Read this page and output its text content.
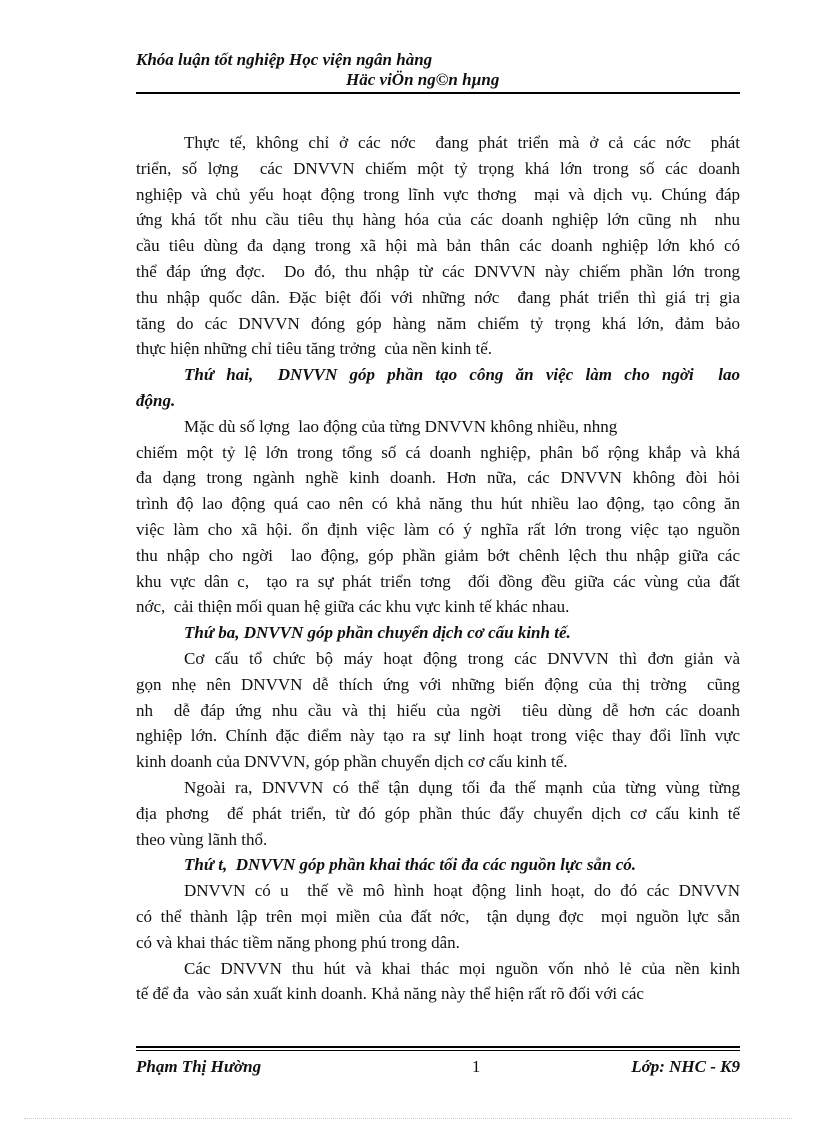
Khóa luận tốt nghiệp Học viện ngân hàng
Häc viÖn ng©n hµng
Thực tế, không chỉ ở các nớc  đang phát triển mà ở cả các nớc  phát
triển, số lợng  các DNVVN chiếm một tỷ trọng khá lớn trong số các doanh
nghiệp và chủ yếu hoạt động trong lĩnh vực thơng  mại và dịch vụ. Chúng đáp
ứng khá tốt nhu cầu tiêu thụ hàng hóa của các doanh nghiệp lớn cũng nh  nhu
cầu tiêu dùng đa dạng trong xã hội mà bản thân các doanh nghiệp lớn khó có
thể đáp ứng đợc.  Do đó, thu nhập từ các DNVVN này chiếm phần lớn trong
thu nhập quốc dân. Đặc biệt đối với những nớc  đang phát triển thì giá trị gia
tăng do các DNVVN đóng góp hàng năm chiếm tỷ trọng khá lớn, đảm bảo
thực hiện những chỉ tiêu tăng trởng  của nền kinh tế.
Thứ hai,  DNVVN góp phần tạo công ăn việc làm cho ngời  lao
động.
Mặc dù số lợng  lao động của từng DNVVN không nhiều, nhng
chiếm một tỷ lệ lớn trong tổng số cá doanh nghiệp, phân bổ rộng khắp và khá
đa dạng trong ngành nghề kinh doanh. Hơn nữa, các DNVVN không đòi hỏi
trình độ lao động quá cao nên có khả năng thu hút nhiều lao động, tạo công ăn
việc làm cho xã hội. ổn định việc làm có ý nghĩa rất lớn trong việc tạo nguồn
thu nhập cho ngời  lao động, góp phần giảm bớt chênh lệch thu nhập giữa các
khu vực dân c,  tạo ra sự phát triển tơng  đối đồng đều giữa các vùng của đất
nớc,  cải thiện mối quan hệ giữa các khu vực kinh tế khác nhau.
Thứ ba, DNVVN góp phần chuyển dịch cơ cấu kinh tế.
Cơ cấu tổ chức bộ máy hoạt động trong các DNVVN thì đơn giản và
gọn nhẹ nên DNVVN dễ thích ứng với những biến động của thị trờng  cũng
nh  dễ đáp ứng nhu cầu và thị hiếu của ngời  tiêu dùng dễ hơn các doanh
nghiệp lớn. Chính đặc điểm này tạo ra sự linh hoạt trong việc thay đổi lĩnh vực
kinh doanh của DNVVN, góp phần chuyển dịch cơ cấu kinh tế.
Ngoài ra, DNVVN có thể tận dụng tối đa thế mạnh của từng vùng từng
địa phơng  để phát triển, từ đó góp phần thúc đẩy chuyển dịch cơ cấu kinh tế
theo vùng lãnh thổ.
Thứ t,  DNVVN góp phần khai thác tối đa các nguồn lực sẵn có.
DNVVN có u  thế về mô hình hoạt động linh hoạt, do đó các DNVVN
có thể thành lập trên mọi miền của đất nớc,  tận dụng đợc  mọi nguồn lực sẵn
có và khai thác tiềm năng phong phú trong dân.
Các DNVVN thu hút và khai thác mọi nguồn vốn nhỏ lẻ của nền kinh
tế để đa  vào sản xuất kinh doanh. Khả năng này thể hiện rất rõ đối với các
Phạm Thị Hường	1	Lớp: NHC - K9
